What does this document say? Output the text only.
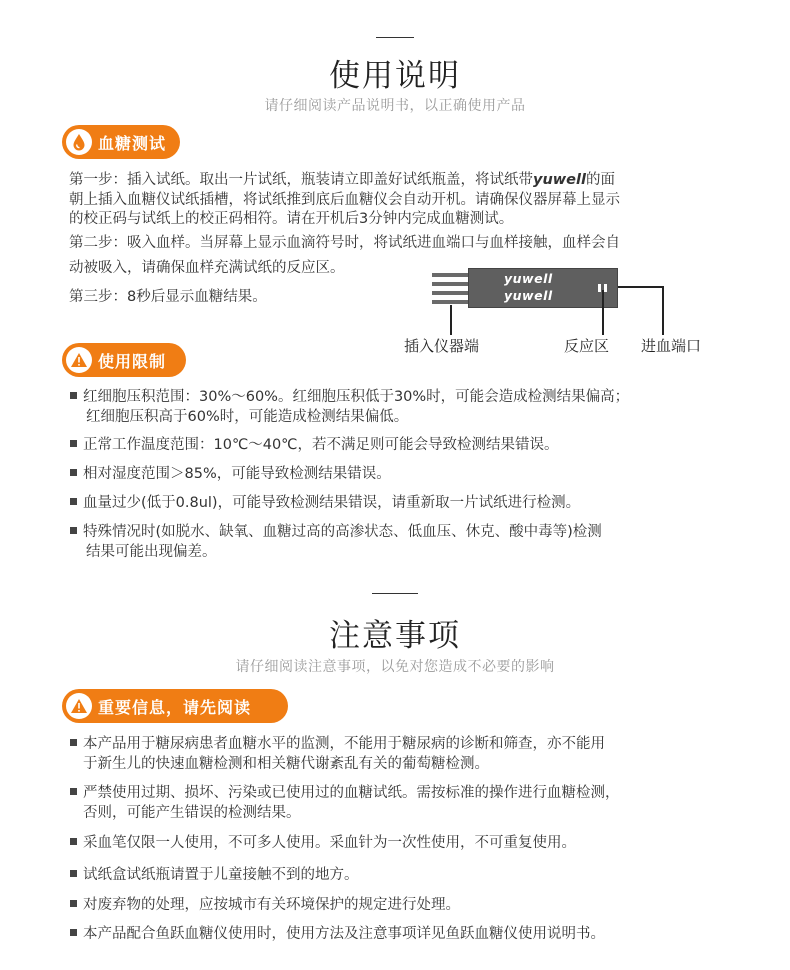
使用说明
请仔细阅读产品说明书，以正确使用产品
血糖测试
第一步：插入试纸。取出一片试纸，瓶装请立即盖好试纸瓶盖，将试纸带yuwell的面
朝上插入血糖仪试纸插槽，将试纸推到底后血糖仪会自动开机。请确保仪器屏幕上显示
的校正码与试纸上的校正码相符。请在开机后3分钟内完成血糖测试。
第二步：吸入血样。当屏幕上显示血滴符号时，将试纸进血端口与血样接触，血样会自
动被吸入，请确保血样充满试纸的反应区。
第三步：8秒后显示血糖结果。
yuwell
yuwell
插入仪器端	反应区 进血端口
使用限制
红细胞压积范围：30%～60%。红细胞压积低于30%时，可能会造成检测结果偏高；
红细胞压积高于60%时，可能造成检测结果偏低。
正常工作温度范围：10℃～40℃，若不满足则可能会导致检测结果错误。
相对湿度范围＞85%，可能导致检测结果错误。
血量过少(低于0.8ul)，可能导致检测结果错误，请重新取一片试纸进行检测。
特殊情况时(如脱水、缺氧、血糖过高的高渗状态、低血压、休克、酸中毒等)检测
结果可能出现偏差。
注意事项
请仔细阅读注意事项，以免对您造成不必要的影响
重要信息，请先阅读
本产品用于糖尿病患者血糖水平的监测，不能用于糖尿病的诊断和筛查，亦不能用
于新生儿的快速血糖检测和相关糖代谢紊乱有关的葡萄糖检测。
严禁使用过期、损坏、污染或已使用过的血糖试纸。需按标准的操作进行血糖检测，
否则，可能产生错误的检测结果。
采血笔仅限一人使用，不可多人使用。采血针为一次性使用，不可重复使用。
试纸盒试纸瓶请置于儿童接触不到的地方。
对废弃物的处理，应按城市有关环境保护的规定进行处理。
本产品配合鱼跃血糖仪使用时，使用方法及注意事项详见鱼跃血糖仪使用说明书。
